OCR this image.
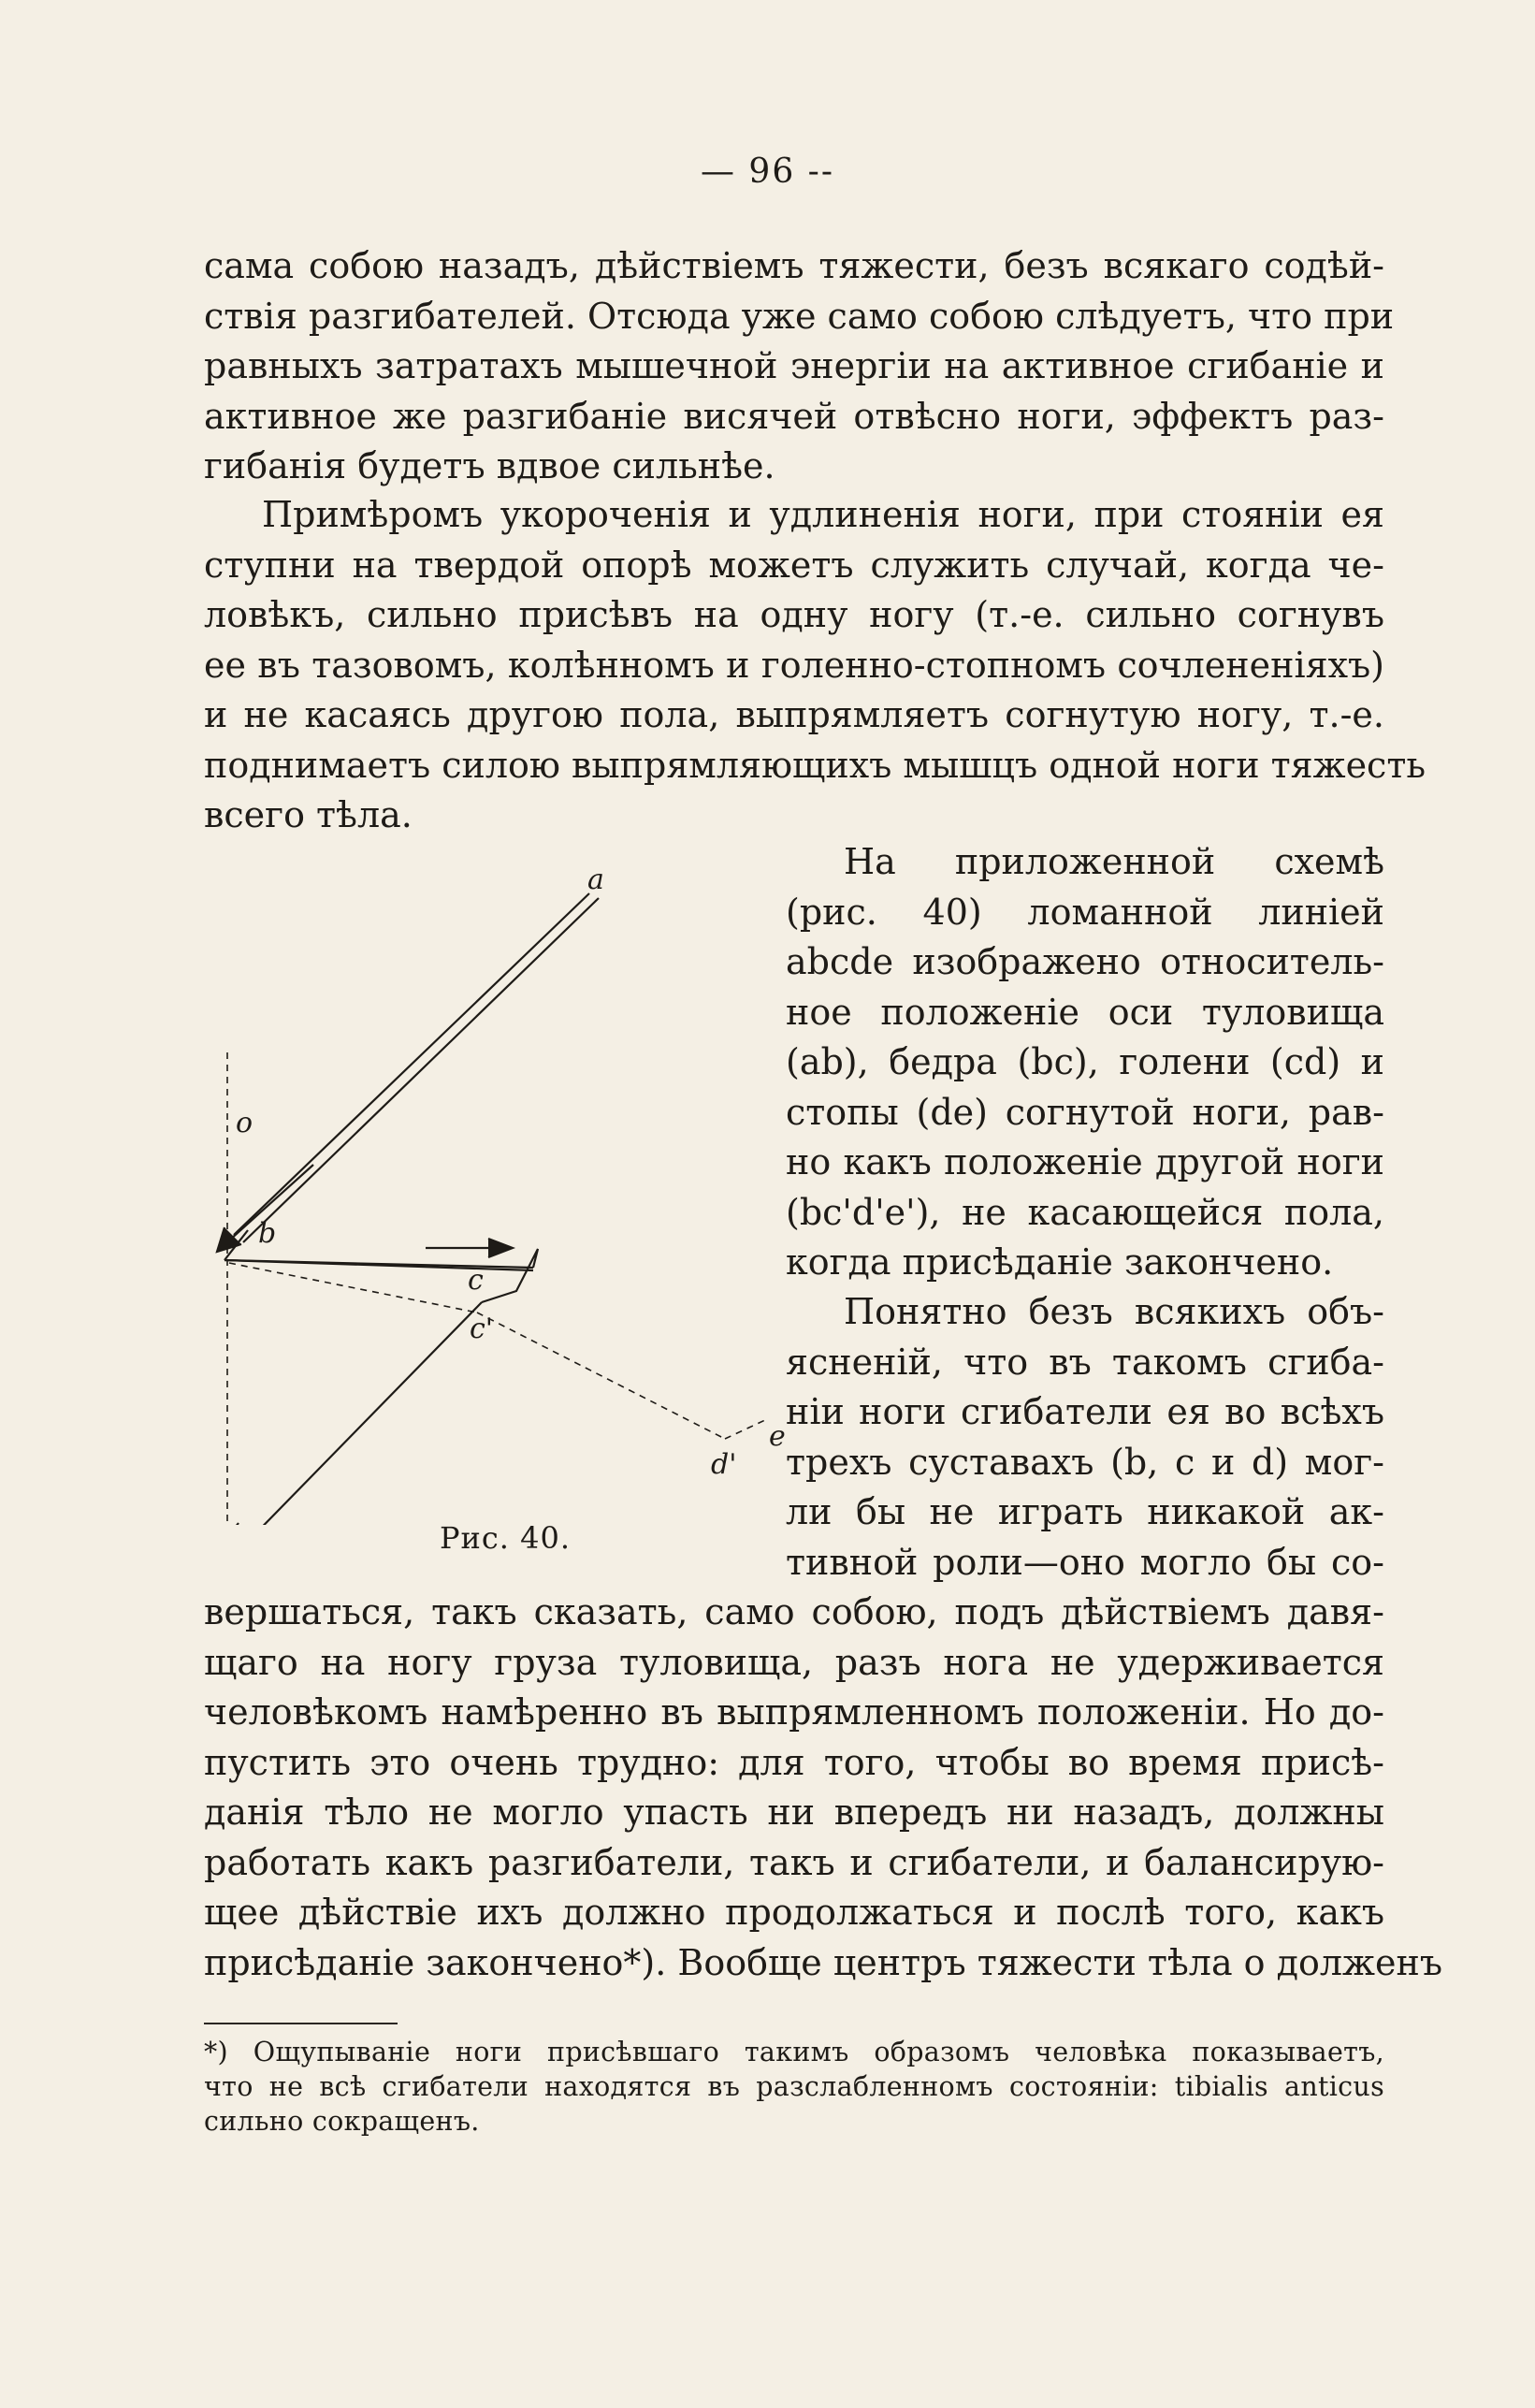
— 96 --
сама собою назадъ, дѣйствіемъ тяжести, безъ всякаго содѣй-
ствія разгибателей. Отсюда уже само собою слѣдуетъ, что при
равныхъ затратахъ мышечной энергіи на активное сгибаніе и
активное же разгибаніе висячей отвѣсно ноги, эффектъ раз-
гибанія будетъ вдвое сильнѣе.
Примѣромъ укороченія и удлиненія ноги, при стояніи ея
ступни на твердой опорѣ можетъ служить случай, когда че-
ловѣкъ, сильно присѣвъ на одну ногу (т.-е. сильно согнувъ
ее въ тазовомъ, колѣнномъ и голенно-стопномъ сочлененіяхъ)
и не касаясь другою пола, выпрямляетъ согнутую ногу, т.-е.
поднимаетъ силою выпрямляющихъ мышцъ одной ноги тяжесть
всего тѣла.
На приложенной схемѣ
(рис. 40) ломанной линіей
abcde изображено относитель-
ное положеніе оси туловища
(ab), бедра (bc), голени (cd) и
стопы (de) согнутой ноги, рав-
но какъ положеніе другой ноги
(bc'd'e'), не касающейся пола,
когда присѣданіе закончено.
Понятно безъ всякихъ объ-
ясненій, что въ такомъ сгиба-
ніи ноги сгибатели ея во всѣхъ
трехъ суставахъ (b, c и d) мог-
ли бы не играть никакой ак-
тивной роли—оно могло бы со-
a
o
b
c
c'
d'
e
Рис. 40.
вершаться, такъ сказать, само собою, подъ дѣйствіемъ давя-
щаго на ногу груза туловища, разъ нога не удерживается
человѣкомъ намѣренно въ выпрямленномъ положеніи. Но до-
пустить это очень трудно: для того, чтобы во время присѣ-
данія тѣло не могло упасть ни впередъ ни назадъ, должны
работать какъ разгибатели, такъ и сгибатели, и балансирую-
щее дѣйствіе ихъ должно продолжаться и послѣ того, какъ
присѣданіе закончено*). Вообще центръ тяжести тѣла o долженъ
*) Ощупываніе ноги присѣвшаго такимъ образомъ человѣка показываетъ,
что не всѣ сгибатели находятся въ разслабленномъ состояніи: tibialis anticus
сильно сокращенъ.
